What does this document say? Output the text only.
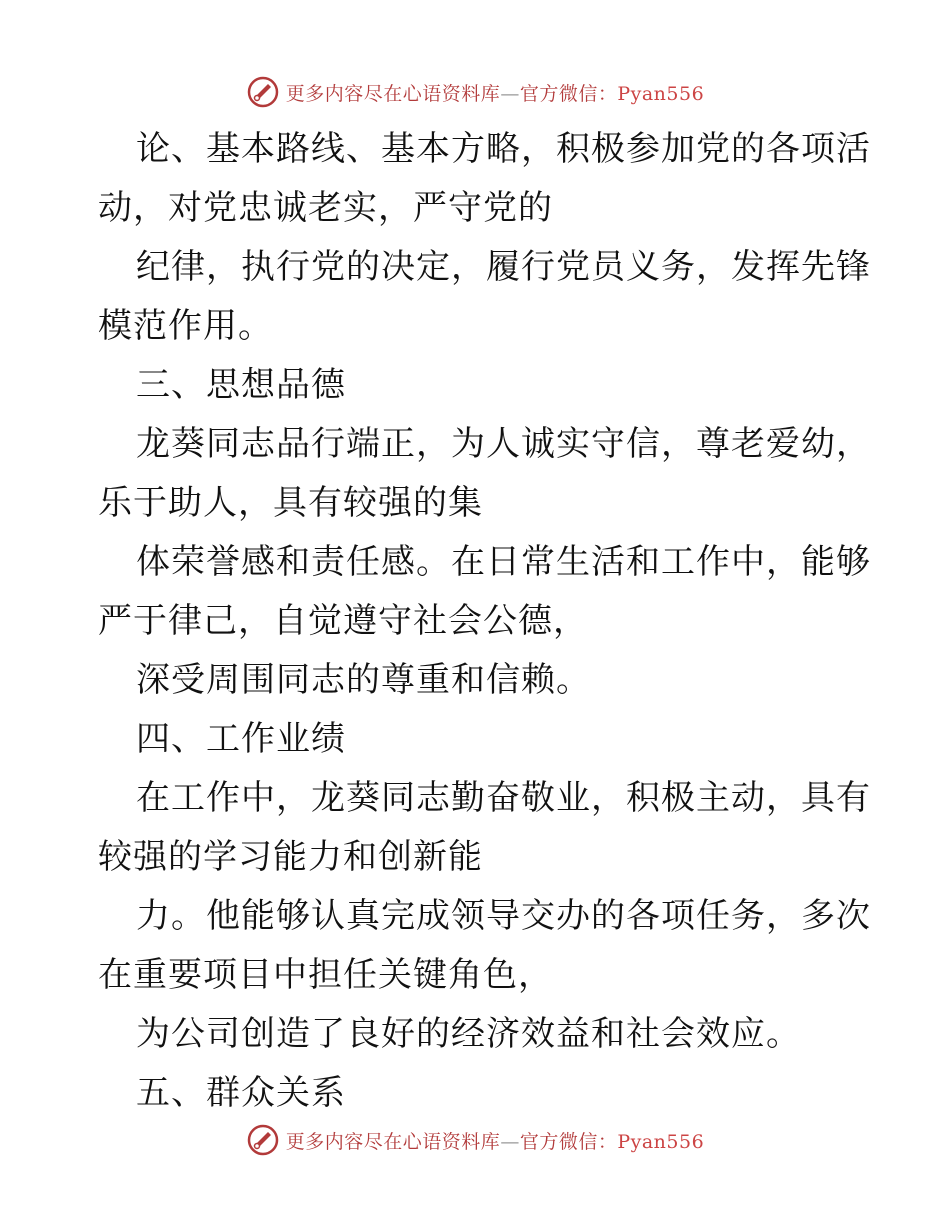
更多内容尽在心语资料库—官方微信：Pyan556
论、基本路线、基本方略，积极参加党的各项活
动，对党忠诚老实，严守党的
纪律，执行党的决定，履行党员义务，发挥先锋
模范作用。
三、思想品德
龙葵同志品行端正，为人诚实守信，尊老爱幼，
乐于助人，具有较强的集
体荣誉感和责任感。在日常生活和工作中，能够
严于律己，自觉遵守社会公德，
深受周围同志的尊重和信赖。
四、工作业绩
在工作中，龙葵同志勤奋敬业，积极主动，具有
较强的学习能力和创新能
力。他能够认真完成领导交办的各项任务，多次
在重要项目中担任关键角色，
为公司创造了良好的经济效益和社会效应。
五、群众关系
更多内容尽在心语资料库—官方微信：Pyan556
